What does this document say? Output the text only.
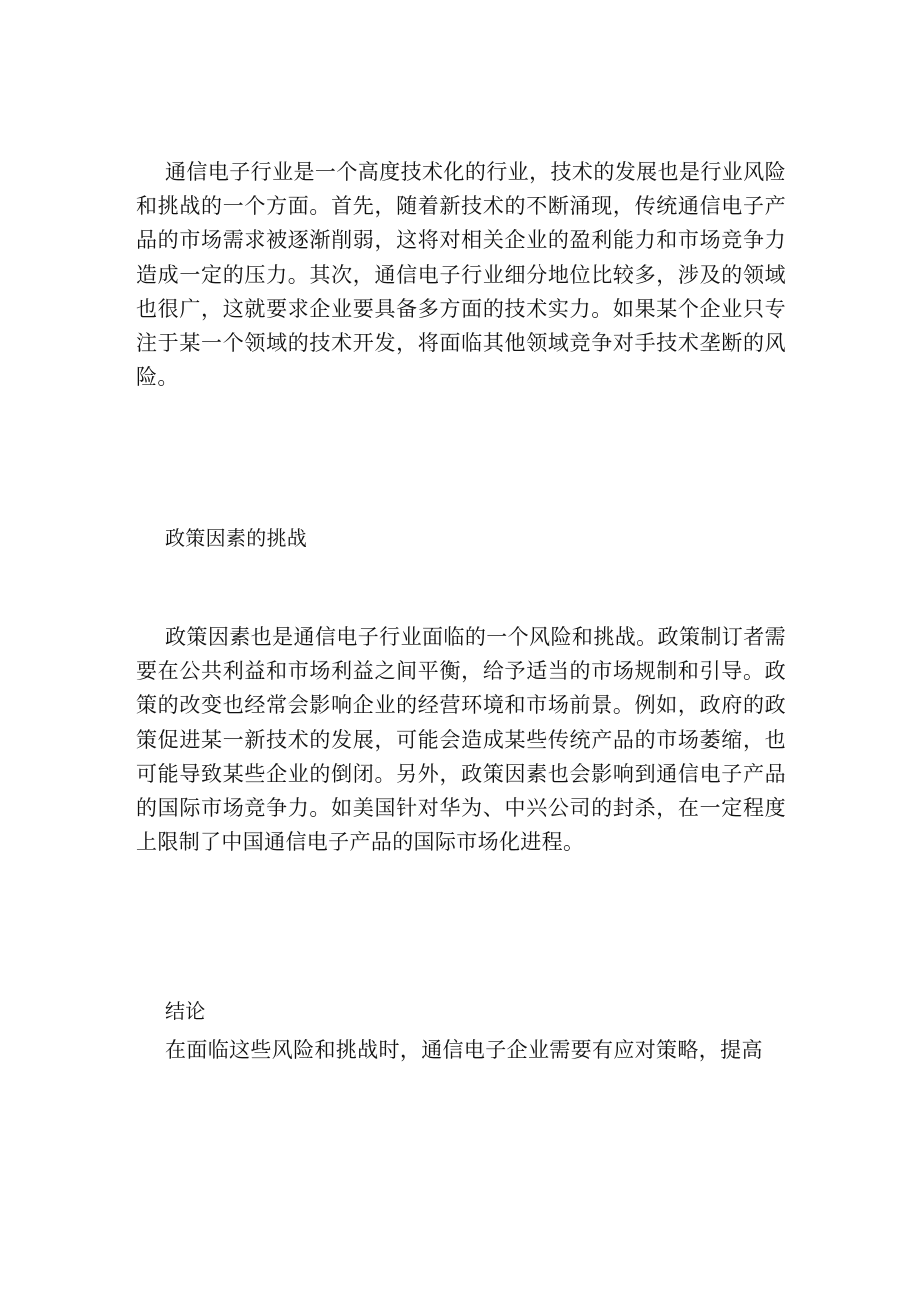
通信电子行业是一个高度技术化的行业，技术的发展也是行业风险和挑战的一个方面。首先，随着新技术的不断涌现，传统通信电子产品的市场需求被逐渐削弱，这将对相关企业的盈利能力和市场竞争力造成一定的压力。其次，通信电子行业细分地位比较多，涉及的领域也很广，这就要求企业要具备多方面的技术实力。如果某个企业只专注于某一个领域的技术开发，将面临其他领域竞争对手技术垄断的风险。

政策因素的挑战

政策因素也是通信电子行业面临的一个风险和挑战。政策制订者需要在公共利益和市场利益之间平衡，给予适当的市场规制和引导。政策的改变也经常会影响企业的经营环境和市场前景。例如，政府的政策促进某一新技术的发展，可能会造成某些传统产品的市场萎缩，也可能导致某些企业的倒闭。另外，政策因素也会影响到通信电子产品的国际市场竞争力。如美国针对华为、中兴公司的封杀，在一定程度上限制了中国通信电子产品的国际市场化进程。

结论

在面临这些风险和挑战时，通信电子企业需要有应对策略，提高
